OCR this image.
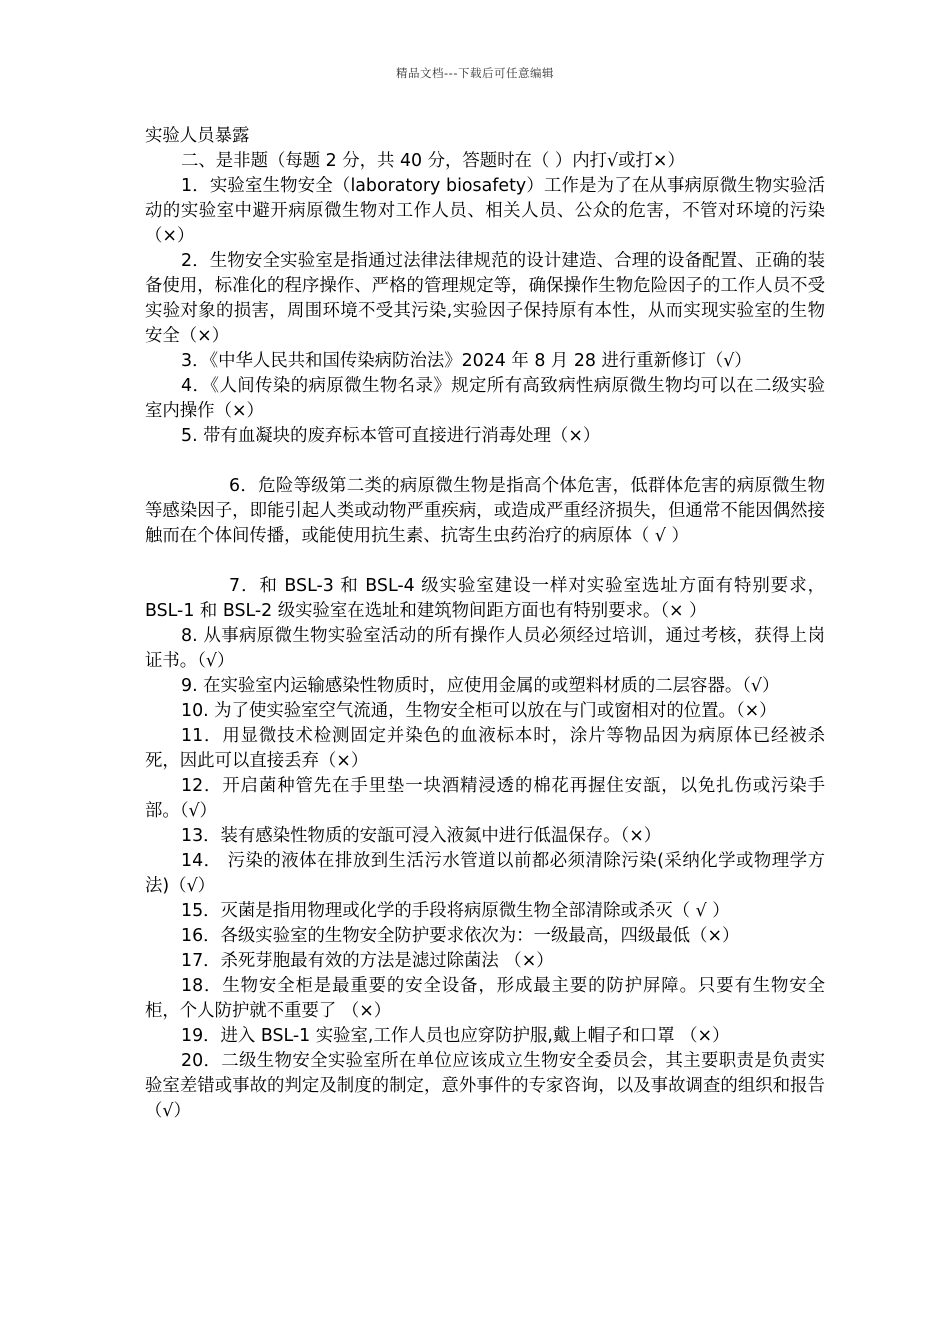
精品文档---下载后可任意编辑

实验人员暴露

二、是非题（每题 2 分，共 40 分，答题时在（ ）内打√或打×）

1．实验室生物安全（laboratory biosafety）工作是为了在从事病原微生物实验活动的实验室中避开病原微生物对工作人员、相关人员、公众的危害，不管对环境的污染（×）

2．生物安全实验室是指通过法律法律规范的设计建造、合理的设备配置、正确的装备使用，标准化的程序操作、严格的管理规定等，确保操作生物危险因子的工作人员不受实验对象的损害，周围环境不受其污染,实验因子保持原有本性，从而实现实验室的生物安全（×）

3．《中华人民共和国传染病防治法》2024 年 8 月 28 进行重新修订（√）

4．《人间传染的病原微生物名录》规定所有高致病性病原微生物均可以在二级实验室内操作（×）

5. 带有血凝块的废弃标本管可直接进行消毒处理（×）

6．危险等级第二类的病原微生物是指高个体危害，低群体危害的病原微生物等感染因子，即能引起人类或动物严重疾病，或造成严重经济损失，但通常不能因偶然接触而在个体间传播，或能使用抗生素、抗寄生虫药治疗的病原体（ √ ）

7．和 BSL-3 和 BSL-4 级实验室建设一样对实验室选址方面有特别要求，BSL-1 和 BSL-2 级实验室在选址和建筑物间距方面也有特别要求。（× ）

8. 从事病原微生物实验室活动的所有操作人员必须经过培训，通过考核，获得上岗证书。（√）

9. 在实验室内运输感染性物质时，应使用金属的或塑料材质的二层容器。（√）

10. 为了使实验室空气流通，生物安全柜可以放在与门或窗相对的位置。（×）

11．用显微技术检测固定并染色的血液标本时，涂片等物品因为病原体已经被杀死，因此可以直接丢弃（×）

12．开启菌种管先在手里垫一块酒精浸透的棉花再握住安瓿，以免扎伤或污染手部。（√）

13．装有感染性物质的安瓿可浸入液氮中进行低温保存。（×）

14． 污染的液体在排放到生活污水管道以前都必须清除污染(采纳化学或物理学方法)（√）

15．灭菌是指用物理或化学的手段将病原微生物全部清除或杀灭（ √ ）

16．各级实验室的生物安全防护要求依次为：一级最高，四级最低（×）

17．杀死芽胞最有效的方法是滤过除菌法 （×）

18．生物安全柜是最重要的安全设备，形成最主要的防护屏障。只要有生物安全柜，个人防护就不重要了 （×）

19．进入 BSL-1 实验室,工作人员也应穿防护服,戴上帽子和口罩 （×）

20．二级生物安全实验室所在单位应该成立生物安全委员会，其主要职责是负责实验室差错或事故的判定及制度的制定，意外事件的专家咨询，以及事故调查的组织和报告（√）
